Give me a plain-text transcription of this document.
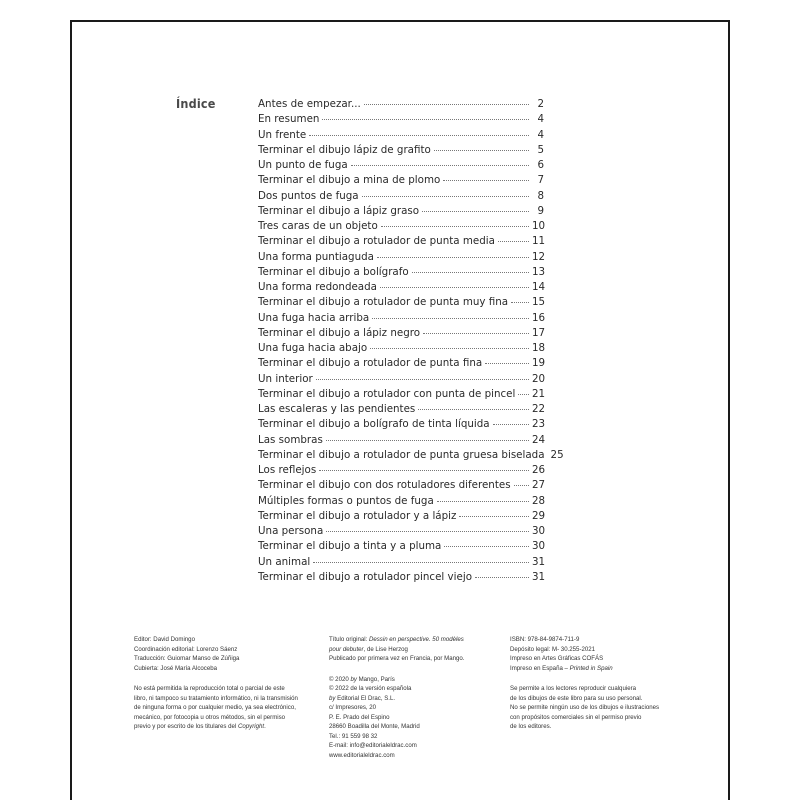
Índice	Antes de empezar...	2
En resumen	4
Un frente	4
Terminar el dibujo lápiz de grafito	5
Un punto de fuga	6
Terminar el dibujo a mina de plomo	7
Dos puntos de fuga	8
Terminar el dibujo a lápiz graso	9
Tres caras de un objeto	10
Terminar el dibujo a rotulador de punta media	11
Una forma puntiaguda	12
Terminar el dibujo a bolígrafo	13
Una forma redondeada	14
Terminar el dibujo a rotulador de punta muy fina 15
Una fuga hacia arriba	16
Terminar el dibujo a lápiz negro	17
Una fuga hacia abajo	18
Terminar el dibujo a rotulador de punta fina	19
Un interior	20
Terminar el dibujo a rotulador con punta de pincel 21
Las escaleras y las pendientes	22
Terminar el dibujo a bolígrafo de tinta líquida	23
Las sombras	24
Terminar el dibujo a rotulador de punta gruesa biselada 25
Los reflejos	26
Terminar el dibujo con dos rotuladores diferentes 27
Múltiples formas o puntos de fuga	28
Terminar el dibujo a rotulador y a lápiz	29
Una persona	30
Terminar el dibujo a tinta y a pluma	30
Un animal	31
Terminar el dibujo a rotulador pincel viejo	31

Editor: David Domingo

Coordinación editorial: Lorenzo Sáenz

Traducción: Guiomar Manso de Zúñiga

Cubierta: José María Alcoceba

No está permitida la reproducción total o parcial de este

libro, ni tampoco su tratamiento informático, ni la transmisión

de ninguna forma o por cualquier medio, ya sea electrónico,

mecánico, por fotocopia u otros métodos, sin el permiso

previo y por escrito de los titulares del Copyright.

Título original: Dessin en perspective. 50 modèles

pour debuter, de Lise Herzog

Publicado por primera vez en Francia, por Mango.

© 2020 by Mango, París

© 2022 de la versión española

by Editorial El Drac, S.L.

c/ Impresores, 20

P. E. Prado del Espino

28660 Boadilla del Monte, Madrid

Tel.: 91 559 98 32

E-mail: info@editorialeldrac.com

www.editorialeldrac.com

ISBN: 978-84-9874-711-9

Depósito legal: M- 30.255-2021

Impreso en Artes Gráficas COFÁS

Impreso en España – Printed in Spain

Se permite a los lectores reproducir cualquiera

de los dibujos de este libro para su uso personal.

No se permite ningún uso de los dibujos e ilustraciones

con propósitos comerciales sin el permiso previo

de los editores.
